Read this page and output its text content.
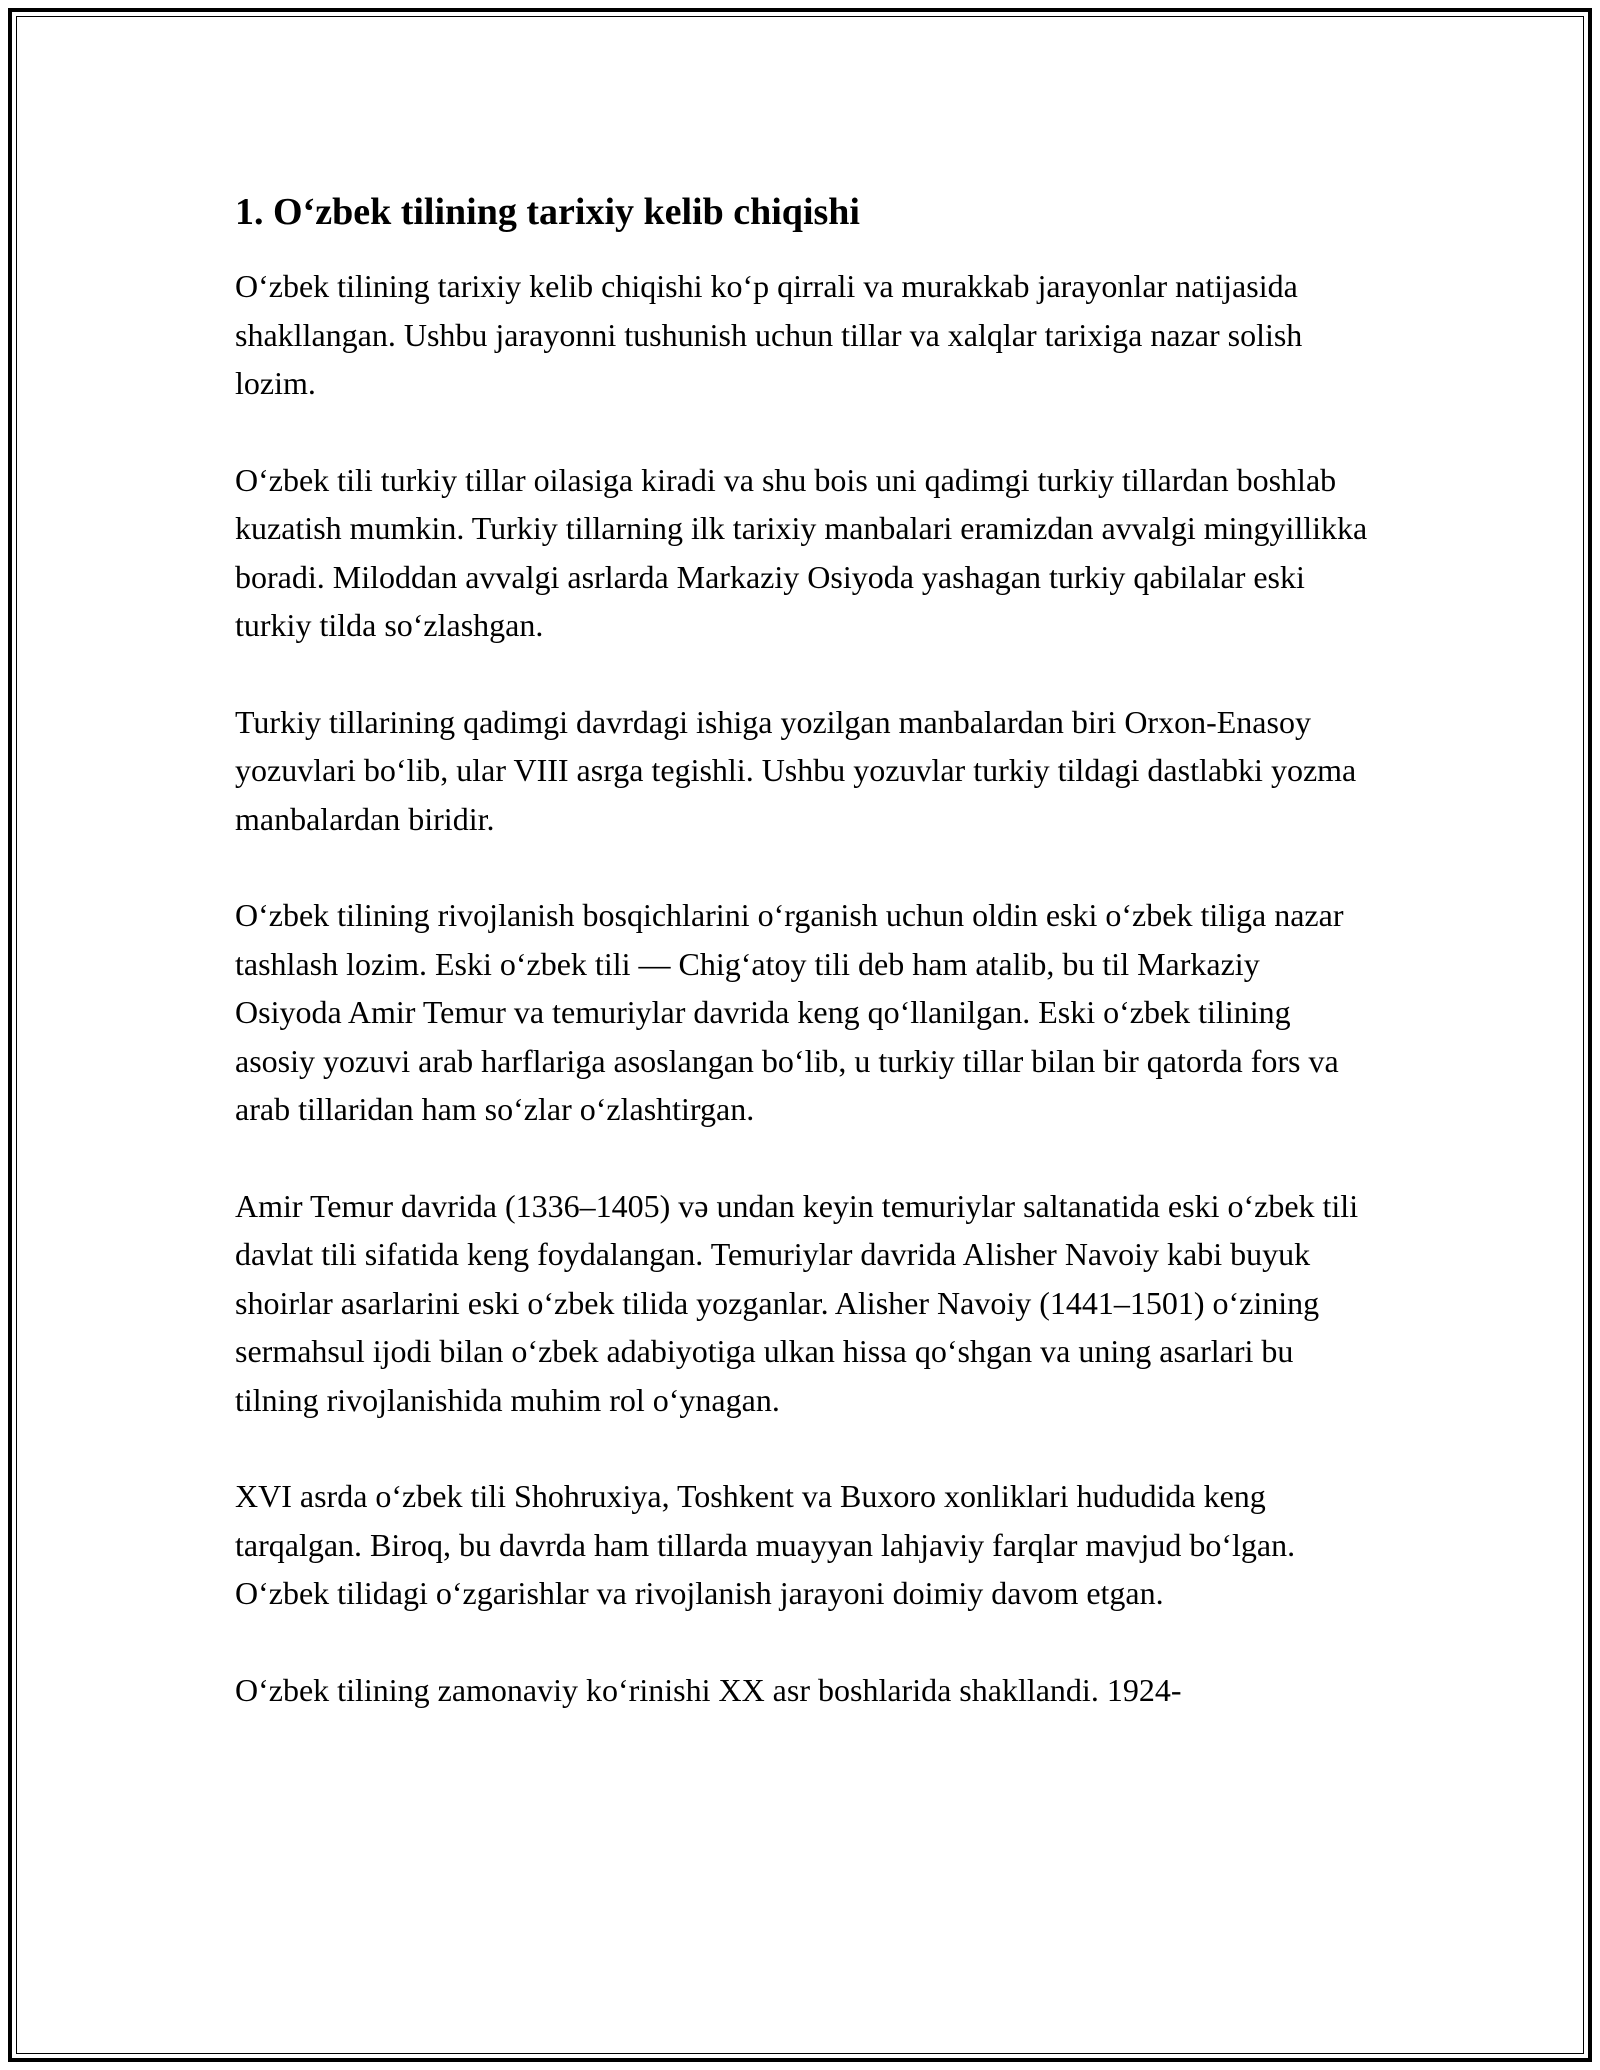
1. Oʻzbek tilining tarixiy kelib chiqishi

Oʻzbek tilining tarixiy kelib chiqishi koʻp qirrali va murakkab jarayonlar natijasida shakllangan. Ushbu jarayonni tushunish uchun tillar va xalqlar tarixiga nazar solish lozim.

Oʻzbek tili turkiy tillar oilasiga kiradi va shu bois uni qadimgi turkiy tillardan boshlab kuzatish mumkin. Turkiy tillarning ilk tarixiy manbalari eramizdan avvalgi mingyillikka boradi. Miloddan avvalgi asrlarda Markaziy Osiyoda yashagan turkiy qabilalar eski turkiy tilda soʻzlashgan.

Turkiy tillarining qadimgi davrdagi ishiga yozilgan manbalardan biri Orxon-Enasoy yozuvlari boʻlib, ular VIII asrga tegishli. Ushbu yozuvlar turkiy tildagi dastlabki yozma manbalardan biridir.

Oʻzbek tilining rivojlanish bosqichlarini oʻrganish uchun oldin eski oʻzbek tiliga nazar tashlash lozim. Eski oʻzbek tili — Chigʻatoy tili deb ham atalib, bu til Markaziy Osiyoda Amir Temur va temuriylar davrida keng qoʻllanilgan. Eski oʻzbek tilining asosiy yozuvi arab harflariga asoslangan boʻlib, u turkiy tillar bilan bir qatorda fors va arab tillaridan ham soʻzlar oʻzlashtirgan.

Amir Temur davrida (1336–1405) və undan keyin temuriylar saltanatida eski oʻzbek tili davlat tili sifatida keng foydalangan. Temuriylar davrida Alisher Navoiy kabi buyuk shoirlar asarlarini eski oʻzbek tilida yozganlar. Alisher Navoiy (1441–1501) oʻzining sermahsul ijodi bilan oʻzbek adabiyotiga ulkan hissa qoʻshgan va uning asarlari bu tilning rivojlanishida muhim rol oʻynagan.

XVI asrda oʻzbek tili Shohruxiya, Toshkent va Buxoro xonliklari hududida keng tarqalgan. Biroq, bu davrda ham tillarda muayyan lahjaviy farqlar mavjud boʻlgan. Oʻzbek tilidagi oʻzgarishlar va rivojlanish jarayoni doimiy davom etgan.

Oʻzbek tilining zamonaviy koʻrinishi XX asr boshlarida shakllandi. 1924-
